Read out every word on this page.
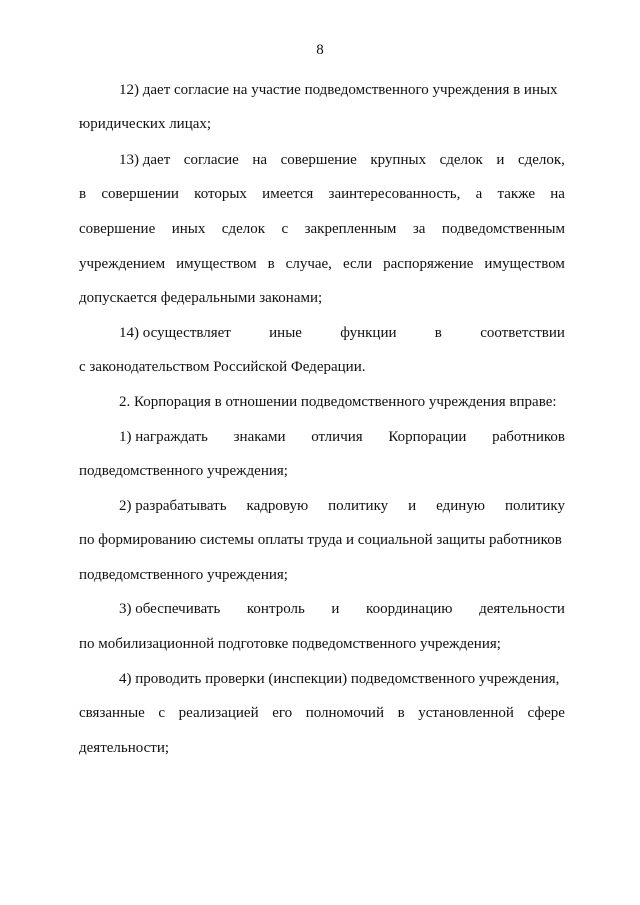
8
12) дает согласие на участие подведомственного учреждения в иных
юридических лицах;
13) дает согласие на совершение крупных сделок и сделок,
в совершении которых имеется заинтересованность, а также на
совершение иных сделок с закрепленным за подведомственным
учреждением имуществом в случае, если распоряжение имуществом
допускается федеральными законами;
14) осуществляет	иные	функции	в	соответствии
с законодательством Российской Федерации.
2. Корпорация в отношении подведомственного учреждения вправе:
1) награждать знаками отличия Корпорации работников
подведомственного учреждения;
2) разрабатывать кадровую политику и единую политику
по формированию системы оплаты труда и социальной защиты работников
подведомственного учреждения;
3) обеспечивать контроль и координацию деятельности
по мобилизационной подготовке подведомственного учреждения;
4) проводить проверки (инспекции) подведомственного учреждения,
связанные с реализацией его полномочий в установленной сфере
деятельности;
